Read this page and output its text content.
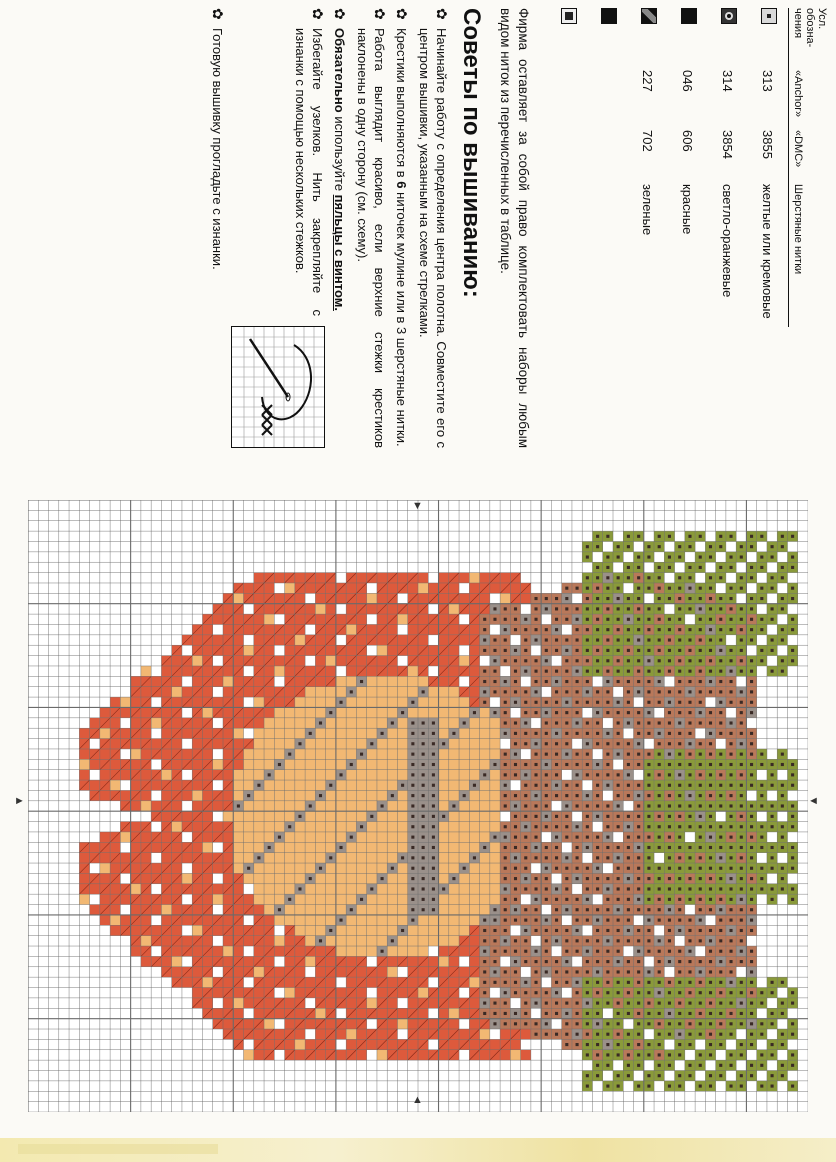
▼
▲
►	◄
Усл. обозна-чения	«Anchor»	«DMC»	Шерстяные нитки
	313	3855	желтые или кремовые
	314	3854	светло-оранжевые
	046	606	красные
	227	702	зеленые

Фирма оставляет за собой право комплектовать наборы любым видом ниток из перечисленных в таблице.

Советы по вышиванию:
✿
Начинайте работу с определения центра полотна. Совместите его с центром вышивки, указанным на схеме стрелками.
✿
Крестики выполняются в 6 ниточек мулине или в 3 шерстяные нитки.
✿
Работа выглядит красиво, если верхние стежки крестиков наклонены в одну сторону (см. схему).
✿
Обязательно используйте пяльцы с винтом.
✿
Избегайте узелков. Нить закрепляйте с изнанки с помощью нескольких стежков.
✿
Готовую вышивку прогладьте с изнанки.
